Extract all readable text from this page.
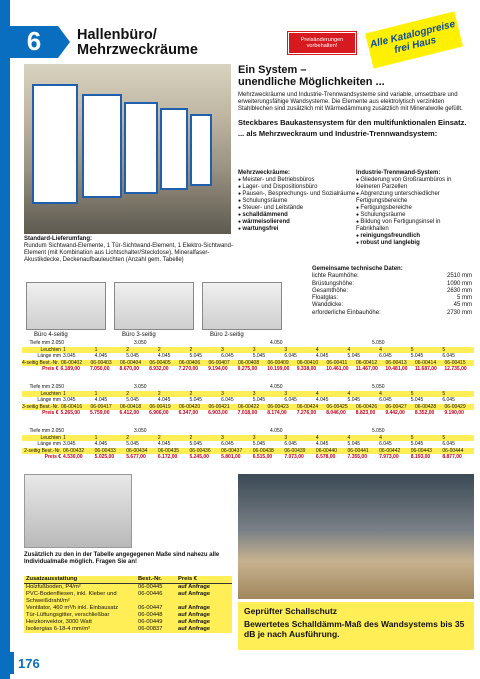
6	Hallenbüro/
Mehrzweckräume
Preisänderungen vorbehalten!	Alle Katalogpreise frei Haus
Standard-Lieferumfang:
Rundum Sichtwand-Elemente, 1 Tür-Sichtwand-Element, 1 Elektro-Sichtwand-Element (mit Kombination aus Lichtschalter/Steckdose), Mineralfaser-Akustikdecke, Deckenaufbauleuchten (Anzahl gem. Tabelle)
Ein System –
unendliche Möglichkeiten ...
Mehrzweckräume und Industrie-Trennwandsysteme sind variable, umsetzbare und erweiterungsfähige Wandsysteme. Die Elemente aus elektrolytisch verzinkten Stahlblechen sind zusätzlich mit Wärmedämmung zusätzlich mit Mineralwolle gefüllt.
Steckbares Baukastensystem für den multifunktionalen Einsatz.
... als Mehrzweckraum und Industrie-Trennwandsystem:
Mehrzweckräume:
● Meister- und Betriebsbüros
● Lager- und Dispositionsbüro
● Pausen-, Besprechungs- und Sozialräume
● Schulungsräume
● Steuer- und Leitstände
● schalldämmend
● wärmeisolierend
● wartungsfrei
Industrie-Trennwand-System:
● Gliederung von Großraumbüros in kleineren Parzellen
● Abgrenzung unterschiedlicher Fertigungsbereiche
● Fertigungsbereiche
● Schulungsräume
● Bildung von Fertigungsinsel in Fabrikhallen
● reinigungsfreundlich
● robust und langlebig
Gemeinsame technische Daten:
lichte Raumhöhe:	2510 mm
Brüstungshöhe:	1090 mm
Gesamthöhe:	2630 mm
Floatglas:	5 mm
Wanddicke:	45 mm
erforderliche Einbauhöhe:	2730 mm
Büro 4-seitig	Büro 3-seitig	Büro 2-seitig
Tiefe mm 2.050	3.050	4.050	5.050
Leuchten 1	1	2	2	2	3	3	3	4	4	4	5	5
Länge mm 3.045	4.045	5.045	4.045	5.045	6.045	5.045	6.045	4.045	5.045	6.045	5.045	6.045
4-seitig Best.-Nr. 06-00402	06-00403	06-00404	06-00405	06-00406	06-00407	06-00408	06-00409	06-00410	06-00411	06-00412	06-00413	06-00414	06-00415
Preis € 6.189,00	7.050,00	8.670,00	8.932,00	7.270,00	9.194,00	9.275,00	10.199,00	9.338,00	10.461,00	11.467,00	10.481,00	11.687,00	12.735,00
Tiefe mm 2.050	3.050	4.050	5.050
Leuchten 1	1	2	2	2	3	3	3	4	4	4	5	5
Länge mm 3.045	4.045	5.045	4.045	5.045	6.045	5.045	6.045	4.045	5.045	6.045	5.045	6.045
3-seitig Best.-Nr. 06-00416	06-00417	06-00418	06-00419	06-00420	06-00421	06-00422	06-00423	06-00424	06-00425	06-00426	06-00427	06-00428	06-00429
Preis € 5.265,00	5.759,00	6.412,00	6.906,00	6.347,00	6.903,00	7.018,00	8.174,00	7.276,00	8.046,00	8.823,00	9.442,00	8.352,00	9.190,00
Tiefe mm 2.050	3.050	4.050	5.050
Leuchten 1	1	2	2	2	3	3	3	4	4	4	5	5
Länge mm 3.045	4.045	5.045	4.045	5.045	6.045	5.045	6.045	4.045	5.045	6.045	5.045	6.045
2-seitig Best.-Nr. 06-00432	06-00433	06-00434	06-00435	06-00436	06-00437	06-00438	06-00439	06-00440	06-00441	06-00442	06-00443	06-00444
Preis € 4.530,00	5.025,00	5.677,00	6.172,00	5.245,00	5.801,00	6.515,00	7.073,00	6.578,00	7.355,00	7.973,00	8.193,00	8.877,00
Zusätzlich zu den in der Tabelle angegegenen Maße sind nahezu alle Individualmaße möglich. Fragen Sie an!
Zusatzausstattung	Best.-Nr.	Preis €
Holzfußboden, P4/m²	06-00445	auf Anfrage
PVC-Bodenfliesen, inkl. Kleber und Schweißdraht/m²
06-00446	auf Anfrage
Ventilator, 460 m³/h inkl. Einbausatz	06-00447	auf Anfrage
Tür-Lüftungsgitter, verschließbar	06-00448	auf Anfrage
Heizkonvektor, 3000 Watt	06-00449	auf Anfrage
Isoliergias 6-18-4 mm/m²	06-00837	auf Anfrage
Geprüfter Schallschutz
Bewertetes Schalldämm-Maß des Wandsystems bis 35 dB je nach Ausführung.
176
